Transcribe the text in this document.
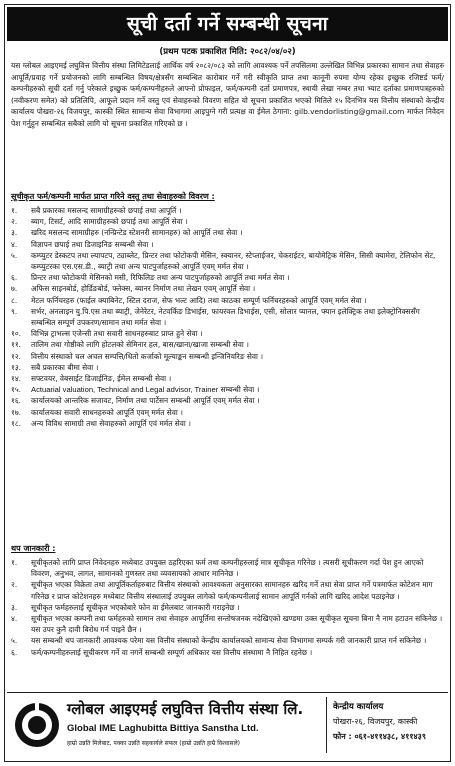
सूची दर्ता गर्ने सम्बन्धी सूचना
(प्रथम पटक प्रकाशित मिति: २०८२/०४/०२)
यस ग्लोबल आइएमई लघुवित्त वित्तीय संस्था लिमिटेडलाई आर्थिक वर्ष २०८२/०८३ को लागि आवश्यक पर्ने तपसिलमा उल्लेखित विभिन्न प्रकारका सामान तथा सेवाहरु आपूर्ति/प्रवाह गर्ने प्रयोजनको लागि सम्बन्धित विषय/क्षेत्रसँग सम्बन्धित कारोबार गर्ने गरी स्वीकृति प्राप्त तथा कानूनी रुपमा योग्य रहेका इच्छुक रजिष्टर्ड फर्म/कम्पनीहरुको सूची दर्ता गर्नु परेकाले इच्छुक फर्म/कम्पनीहरुले आफ्नो प्रोफाइल, फर्म/कम्पनी दर्ता प्रमाणपत्र, स्थायी लेखा नम्बर तथा भ्याट दर्ताका प्रमाणपत्रहरुको (नवीकरण समेत) को प्रतिलिपि, आफूले प्रदान गर्ने वस्तु एवं सेवाहरुको विवरण सहित यो सूचना प्रकाशित भएको मितिले १५ दिनभित्र यस वित्तीय संस्थाको केन्द्रीय कार्यालय पोखरा-२६ विजयपुर, कास्की स्थित सामान्य सेवा विभागमा आइपुग्ने गरी प्रत्यक्ष वा ईमेल ठेगाना: gilb.vendorlisting@gmail.com मार्फत निवेदन पेश गर्नुहुन सम्बन्धित सबैको लागि यो सूचना प्रकाशित गरिएको छ ।
सूचीकृत फर्म/कम्पनी मार्फत प्राप्त गरिने वस्तु तथा सेवाहरुको विवरण :
१.	सबै प्रकारका मसलन्द सामाग्रीहरुको छपाई तथा आपूर्ति ।
२.	ब्याग, टिसर्ट, आदि सामाग्रीहरुको छपाई तथा आपूर्ति सेवा ।
३.	खरिद मसलन्द सामाग्रीहरु (नन्प्रिन्टेड स्टेशनरी सामानहरु) को आपूर्ति तथा सेवा ।
४.	विज्ञापन छपाई तथा डिजाइनिङ सम्बन्धी सेवा ।
५.	कम्प्युटर डेस्कटप तथा ल्यापटप, ट्याब्लेट, प्रिन्टर तथा फोटोकपी मेसिन, स्क्यानर, स्टेप्लाईजर, चेकराईटर, बायोमेट्रिक मेसिन, सिसी क्यामेरा, टेलिफोन सेट, कम्प्युटरका एस.एस.डी., ब्याट्री तथा अन्य पाटपुर्जाहरुको आपूर्ति एवम् मर्मत सेवा ।
६.	प्रिन्टर तथा फोटोकपी मेसिनको मसी, रिफिलिङ तथा अन्य पाटपुर्जाहरुको आपूर्ति तथा मर्मत सेवा ।
७.	अफिस साइनबोर्ड, होर्डिङबोर्ड, फ्लेक्स, ब्यानर निर्माण तथा लेखन एवम् आपूर्ति सेवा ।
८.	मेटल फर्निचरहरु (फाईल क्याबिनेट, स्टिल दराज, सेफ भल्ट आदि) तथा काठका सम्पूर्ण फर्निचरहरुको आपूर्ति एवम् मर्मत सेवा ।
९.	सर्भर, अनलाइन यु.पि.एस तथा ब्याट्री, जेनेरेटर, नेटवर्किङ डिभाईस, फायरवल डिभाईस, एसी, सोलार प्यानल, फ्यान इलेक्ट्रिक तथा इलेक्ट्रोनिक्ससँग सम्बन्धित सम्पूर्ण उपकरण/सामान तथा मर्मत सेवा ।
१०.	विभिन्न ट्राभल्स एजेन्सी तथा सवारी साधनहरुबाट प्राप्त हुने सेवा ।
११.	तालिम तथा गोष्ठीको लागि होटलको सेमिनार हल, बास/खाना/खाजा सम्बन्धी सेवा ।
१२.	वित्तीय संस्थाको चल अचल सम्पत्ति/धितो कर्जाको मूल्याङ्कन सम्बन्धी इन्जिनियरिङ सेवा ।
१३.	सबै प्रकारका बीमा सेवा ।
१४.	सफ्टवयर, वेबसाईट डिजाईनिङ, ईमेल सम्बन्धी सेवा ।
१५.	Actuarial valuation, Technical and Legal advisor, Trainer सम्बन्धी सेवा ।
१६.	कार्यालयको आन्तरिक सजावट, निर्माण तथा पार्टेसन सम्बन्धी आपूर्ति एवम् मर्मत सेवा ।
१७.	कार्यालयका सवारी साधनहरुको आपूर्ति एवम् मर्मत सेवा ।
१८.	अन्य विविध सामाग्री तथा सेवाहरुको आपूर्ति एवं मर्मत सेवा ।
थप जानकारी :
१.	सूचीकृतको लागि प्राप्त निवेदनहरु मध्येबाट उपयुक्त ठहरिएका फर्म तथा कम्पनीहरुलाई मात्र सूचीकृत गरिनेछ । त्यसरी सूचीकरण गर्दा पेश हुन आएको विवरण, अनुभव, लागत, सामानको गुणस्तर तथा व्यवसायको आधार मानिनेछ ।
२.	सूचीकृत भएका विक्रेता तथा आपूर्तिकर्ताहरुबाट वित्तीय संस्थाको आवश्यकता अनुसारका सामानहरु खरिद गर्ने तथा सेवा प्राप्त गर्ने पत्रमार्फत कोटेशन माग गरिनेछ र प्राप्त कोटेशनहरु मध्येबाट वित्तीय संस्थालाई उपयुक्त लागेको फर्म/कम्पनीलाई सामान आपूर्ति गर्नको लागि खरिद आदेश पठाइनेछ ।
३.	सूचीकृत फर्महरुलाई सूचीकृत भएकोबारे फोन वा ईमेलबाट जानकारी गराइनेछ ।
४.	सूचीकृत भएका कम्पनी तथा फर्महरुको सामान तथा सेवाहरु आपूर्तिमा सन्तोषजनक नदेखिएको खण्डमा उक्त सूचीकृत सूचना बिना नै नाम हटाउन सकिनेछ । यस उपर कुनै दावी बिरोध गर्न पाइने छैन ।
५.	यस सम्बन्धी थप जानकारी आवश्यक परेमा यस वित्तीय संस्थाको केन्द्रीय कार्यालयको सामान्य सेवा विभागमा सम्पर्क गरी जानकारी प्राप्त गर्न सकिनेछ ।
६.	फर्म/कम्पनीहरुलाई सूचीकरण गर्ने वा नगर्ने सम्बन्धी सम्पूर्ण अधिकार यस वित्तीय संस्थामा नै निहित रहनेछ ।
ग्लोबल आइएमई लघुवित्त वित्तीय संस्था लि.
Global IME Laghubitta Bittiya Sanstha Ltd.
हाम्रो उन्नति मिलेबाट, पक्का उन्नति सहकार्यले सफल (हाम्रो उन्नति हाम्रै विश्वासले)
केन्द्रीय कार्यालय
पोखरा-२६, विजयपुर, कास्की
फोन : ०६१-४११४३८, ४११४३९
